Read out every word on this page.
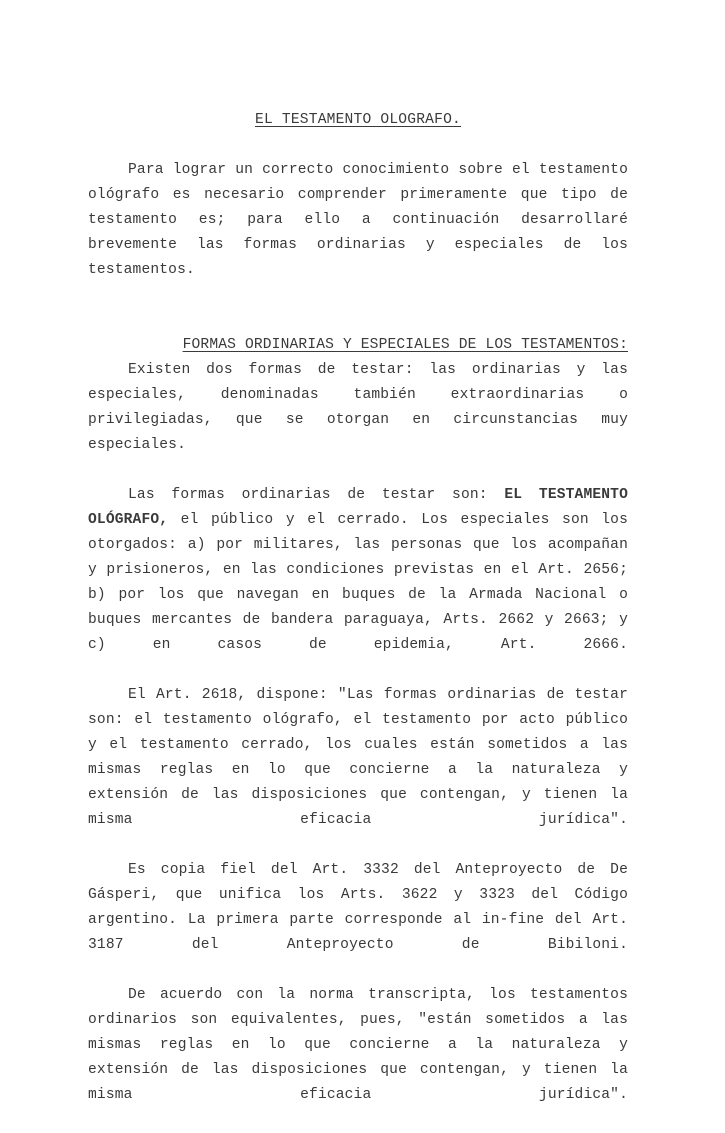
EL TESTAMENTO OLOGRAFO.

Para lograr un correcto conocimiento sobre el testamento ológrafo es necesario comprender primeramente que tipo de testamento es; para ello a continuación desarrollaré brevemente las formas ordinarias y especiales de los testamentos.

FORMAS ORDINARIAS Y ESPECIALES DE LOS TESTAMENTOS:

Existen dos formas de testar: las ordinarias y las especiales, denominadas también extraordinarias o privilegiadas, que se otorgan en circunstancias muy especiales.

Las formas ordinarias de testar son: EL TESTAMENTO OLÓGRAFO, el público y el cerrado. Los especiales son los otorgados: a) por militares, las personas que los acompañan y prisioneros, en las condiciones previstas en el Art. 2656; b) por los que navegan en buques de la Armada Nacional o buques mercantes de bandera paraguaya, Arts. 2662 y 2663; y c) en casos de epidemia, Art. 2666.

El Art. 2618, dispone: "Las formas ordinarias de testar son: el testamento ológrafo, el testamento por acto público y el testamento cerrado, los cuales están sometidos a las mismas reglas en lo que concierne a la naturaleza y extensión de las disposiciones que contengan, y tienen la misma eficacia jurídica".

Es copia fiel del Art. 3332 del Anteproyecto de De Gásperi, que unifica los Arts. 3622 y 3323 del Código argentino. La primera parte corresponde al in-fine del Art. 3187 del Anteproyecto de Bibiloni.

De acuerdo con la norma transcripta, los testamentos ordinarios son equivalentes, pues, "están sometidos a las mismas reglas en lo que concierne a la naturaleza y extensión de las disposiciones que contengan, y tienen la misma eficacia jurídica".
